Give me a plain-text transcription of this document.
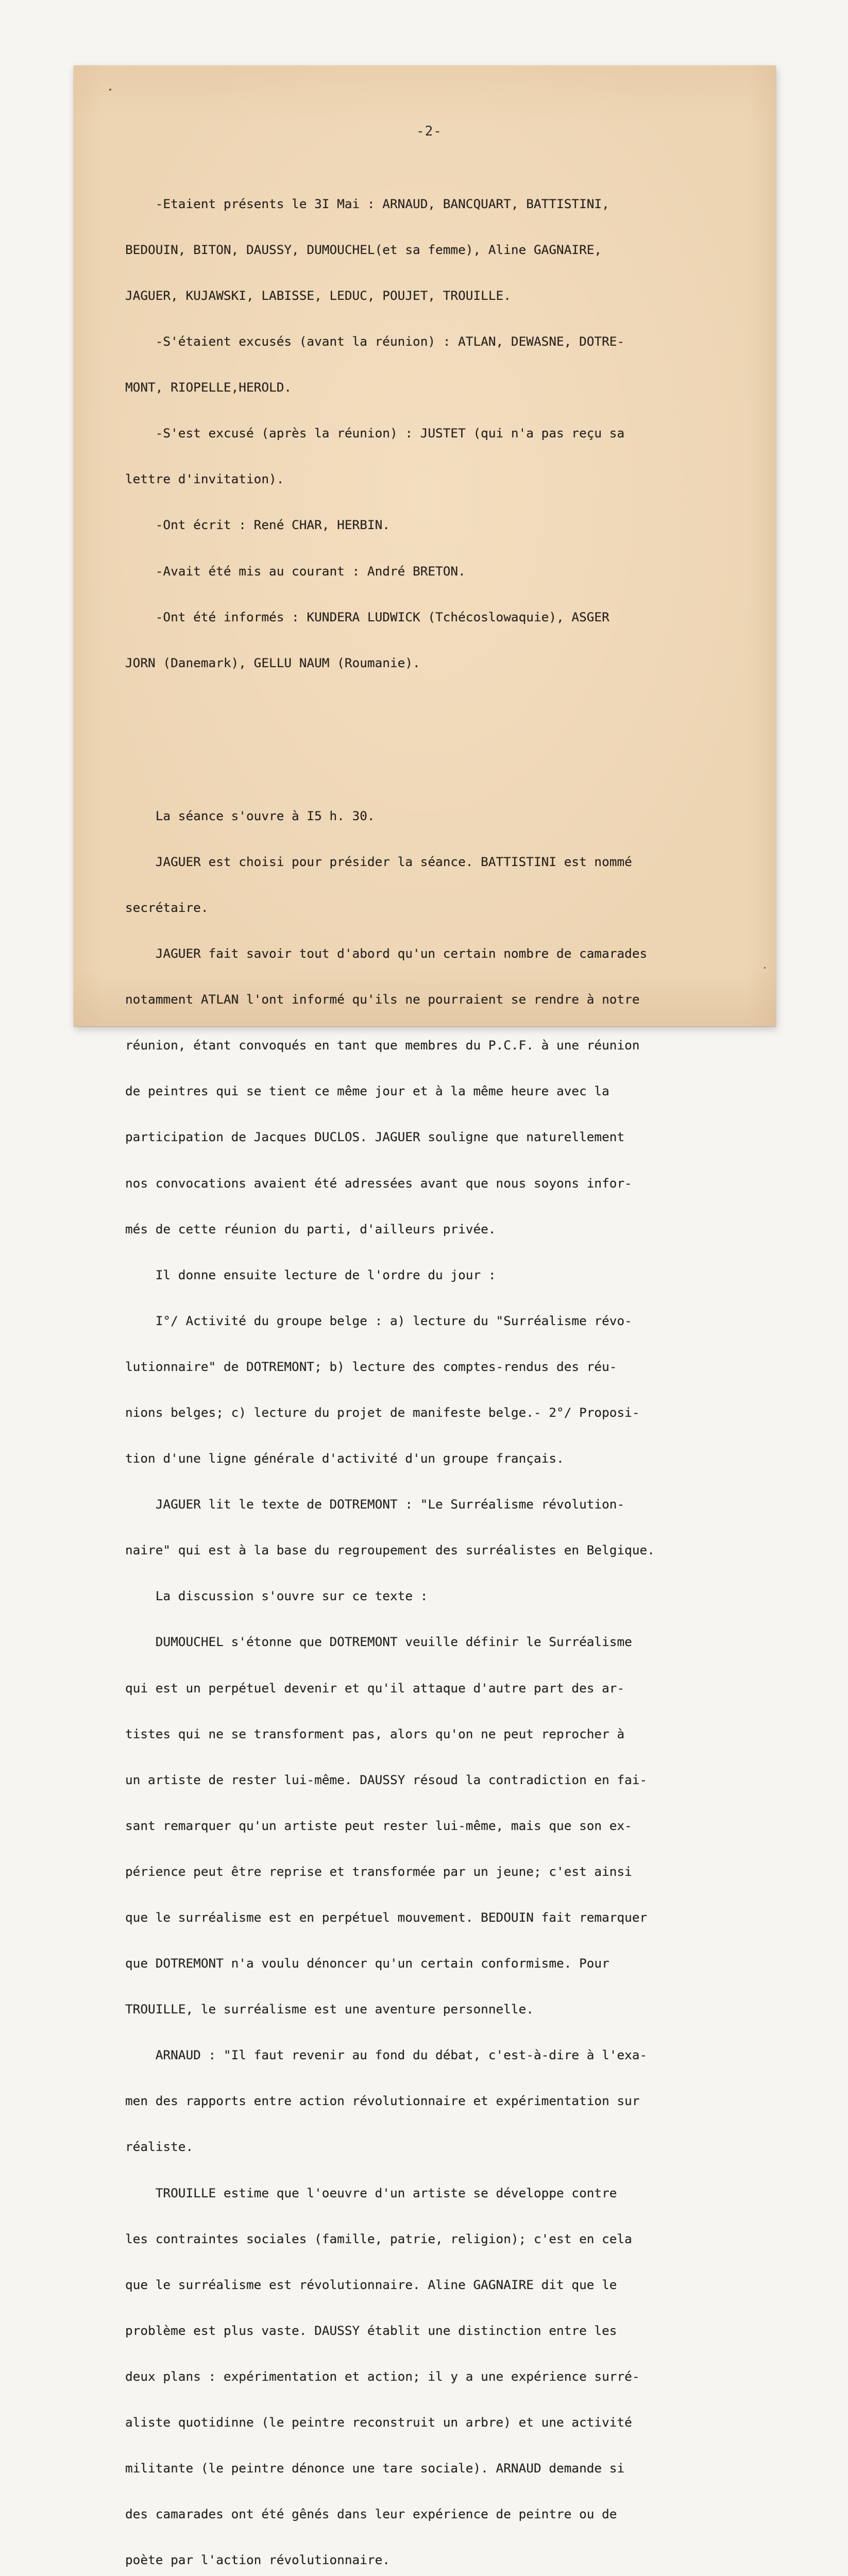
-2-

-Etaient présents le 3I Mai : ARNAUD, BANCQUART, BATTISTINI,

BEDOUIN, BITON, DAUSSY, DUMOUCHEL(et sa femme), Aline GAGNAIRE,

JAGUER, KUJAWSKI, LABISSE, LEDUC, POUJET, TROUILLE.

-S'étaient excusés (avant la réunion) : ATLAN, DEWASNE, DOTRE-

MONT, RIOPELLE,HEROLD.

-S'est excusé (après la réunion) : JUSTET (qui n'a pas reçu sa

lettre d'invitation).

-Ont écrit : René CHAR, HERBIN.

-Avait été mis au courant : André BRETON.

-Ont été informés : KUNDERA LUDWICK (Tchécoslowaquie), ASGER

JORN (Danemark), GELLU NAUM (Roumanie).

La séance s'ouvre à I5 h. 30.

JAGUER est choisi pour présider la séance. BATTISTINI est nommé

secrétaire.

JAGUER fait savoir tout d'abord qu'un certain nombre de camarades

notamment ATLAN l'ont informé qu'ils ne pourraient se rendre à notre

réunion, étant convoqués en tant que membres du P.C.F. à une réunion

de peintres qui se tient ce même jour et à la même heure avec la

participation de Jacques DUCLOS. JAGUER souligne que naturellement

nos convocations avaient été adressées avant que nous soyons infor-

més de cette réunion du parti, d'ailleurs privée.

Il donne ensuite lecture de l'ordre du jour :

I°/ Activité du groupe belge : a) lecture du "Surréalisme révo-

lutionnaire" de DOTREMONT; b) lecture des comptes-rendus des réu-

nions belges; c) lecture du projet de manifeste belge.- 2°/ Proposi-

tion d'une ligne générale d'activité d'un groupe français.

JAGUER lit le texte de DOTREMONT : "Le Surréalisme révolution-

naire" qui est à la base du regroupement des surréalistes en Belgique.

La discussion s'ouvre sur ce texte :

DUMOUCHEL s'étonne que DOTREMONT veuille définir le Surréalisme

qui est un perpétuel devenir et qu'il attaque d'autre part des ar-

tistes qui ne se transforment pas, alors qu'on ne peut reprocher à

un artiste de rester lui-même. DAUSSY résoud la contradiction en fai-

sant remarquer qu'un artiste peut rester lui-même, mais que son ex-

périence peut être reprise et transformée par un jeune; c'est ainsi

que le surréalisme est en perpétuel mouvement. BEDOUIN fait remarquer

que DOTREMONT n'a voulu dénoncer qu'un certain conformisme. Pour

TROUILLE, le surréalisme est une aventure personnelle.

ARNAUD : "Il faut revenir au fond du débat, c'est-à-dire à l'exa-

men des rapports entre action révolutionnaire et expérimentation sur

réaliste.

TROUILLE estime que l'oeuvre d'un artiste se développe contre

les contraintes sociales (famille, patrie, religion); c'est en cela

que le surréalisme est révolutionnaire. Aline GAGNAIRE dit que le

problème est plus vaste. DAUSSY établit une distinction entre les

deux plans : expérimentation et action; il y a une expérience surré-

aliste quotidinne (le peintre reconstruit un arbre) et une activité

militante (le peintre dénonce une tare sociale). ARNAUD demande si

des camarades ont été gênés dans leur expérience de peintre ou de

poète par l'action révolutionnaire.
